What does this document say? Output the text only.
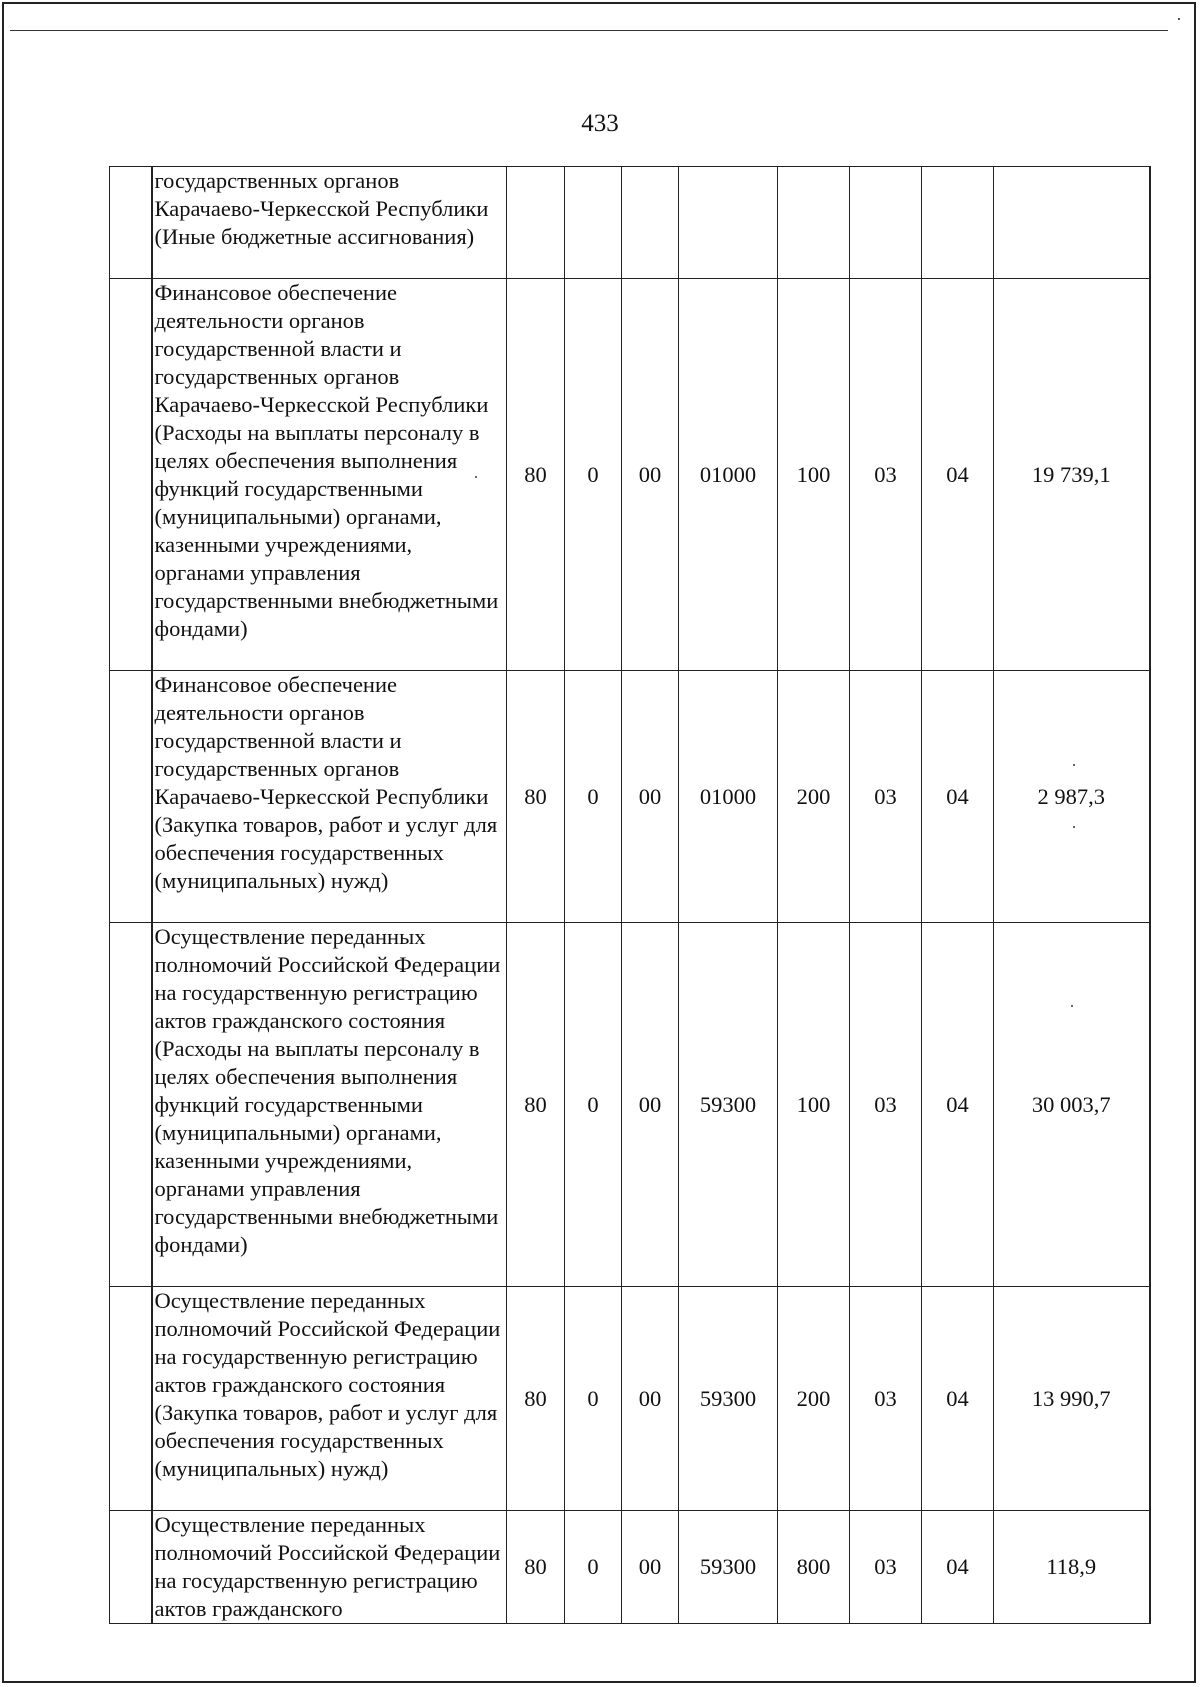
433
	государственных органов Карачаево-Черкесской Республики (Иные бюджетные ассигнования)								
	Финансовое обеспечение деятельности органов государственной власти и государственных органов Карачаево-Черкесской Республики (Расходы на выплаты персоналу в целях обеспечения выполнения функций государственными (муниципальными) органами, казенными учреждениями, органами управления государственными внебюджетными фондами)	80	0	00	01000	100	03	04	19 739,1
	Финансовое обеспечение деятельности органов государственной власти и государственных органов Карачаево-Черкесской Республики (Закупка товаров, работ и услуг для обеспечения государственных (муниципальных) нужд)	80	0	00	01000	200	03	04	2 987,3
	Осуществление переданных полномочий Российской Федерации на государственную регистрацию актов гражданского состояния (Расходы на выплаты персоналу в целях обеспечения выполнения функций государственными (муниципальными) органами, казенными учреждениями, органами управления государственными внебюджетными фондами)	80	0	00	59300	100	03	04	30 003,7
	Осуществление переданных полномочий Российской Федерации на государственную регистрацию актов гражданского состояния (Закупка товаров, работ и услуг для обеспечения государственных (муниципальных) нужд)	80	0	00	59300	200	03	04	13 990,7
	Осуществление переданных полномочий Российской Федерации на государственную регистрацию актов гражданского	80	0	00	59300	800	03	04	118,9
